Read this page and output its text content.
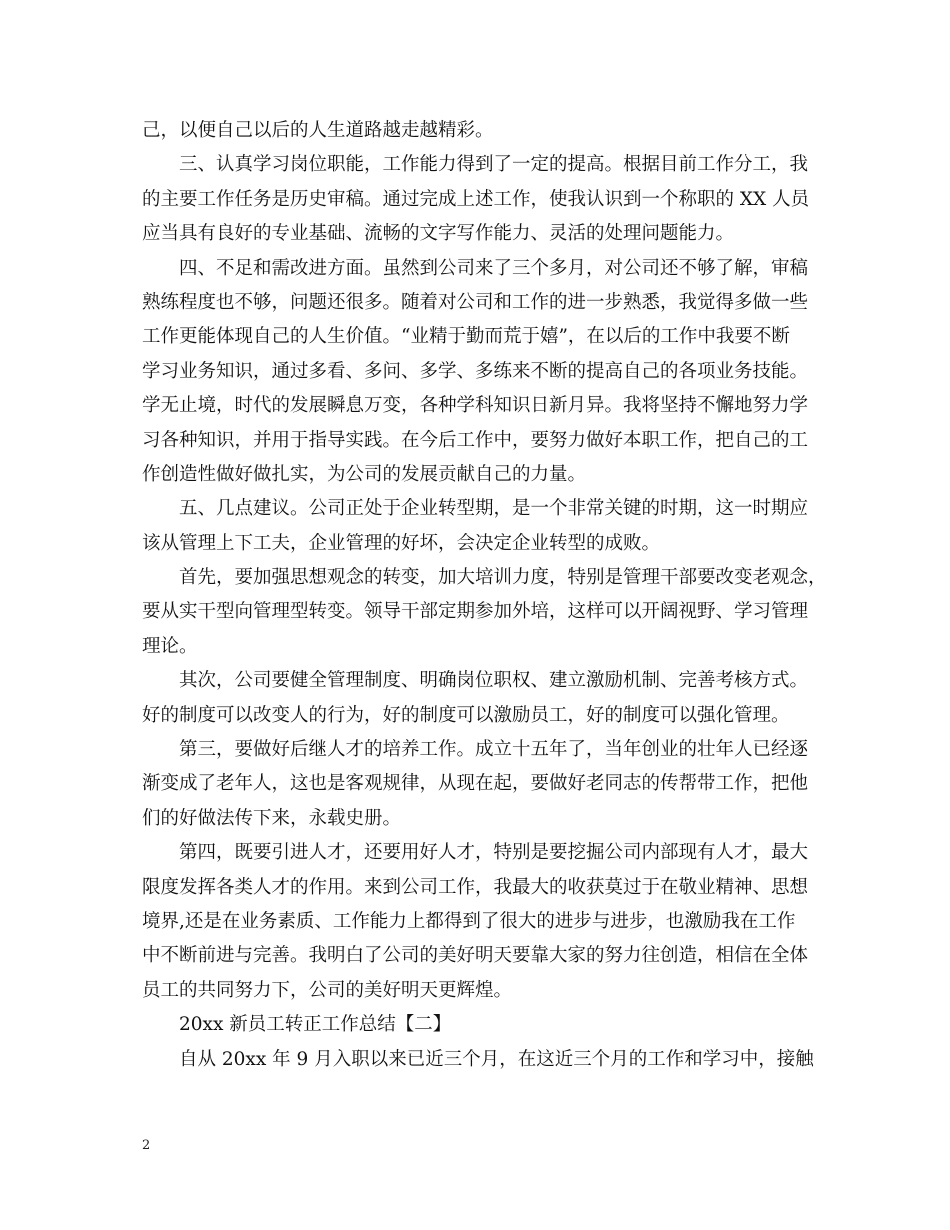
己，以便自己以后的人生道路越走越精彩。
三、认真学习岗位职能，工作能力得到了一定的提高。根据目前工作分工，我
的主要工作任务是历史审稿。通过完成上述工作，使我认识到一个称职的 XX 人员
应当具有良好的专业基础、流畅的文字写作能力、灵活的处理问题能力。
四、不足和需改进方面。虽然到公司来了三个多月，对公司还不够了解，审稿
熟练程度也不够，问题还很多。随着对公司和工作的进一步熟悉，我觉得多做一些
工作更能体现自己的人生价值。“业精于勤而荒于嬉”，在以后的工作中我要不断
学习业务知识，通过多看、多问、多学、多练来不断的提高自己的各项业务技能。
学无止境，时代的发展瞬息万变，各种学科知识日新月异。我将坚持不懈地努力学
习各种知识，并用于指导实践。在今后工作中，要努力做好本职工作，把自己的工
作创造性做好做扎实，为公司的发展贡献自己的力量。
五、几点建议。公司正处于企业转型期，是一个非常关键的时期，这一时期应
该从管理上下工夫，企业管理的好坏，会决定企业转型的成败。
首先，要加强思想观念的转变，加大培训力度，特别是管理干部要改变老观念，
要从实干型向管理型转变。领导干部定期参加外培，这样可以开阔视野、学习管理
理论。
其次，公司要健全管理制度、明确岗位职权、建立激励机制、完善考核方式。
好的制度可以改变人的行为，好的制度可以激励员工，好的制度可以强化管理。
第三，要做好后继人才的培养工作。成立十五年了，当年创业的壮年人已经逐
渐变成了老年人，这也是客观规律，从现在起，要做好老同志的传帮带工作，把他
们的好做法传下来，永载史册。
第四，既要引进人才，还要用好人才，特别是要挖掘公司内部现有人才，最大
限度发挥各类人才的作用。来到公司工作，我最大的收获莫过于在敬业精神、思想
境界,还是在业务素质、工作能力上都得到了很大的进步与进步，也激励我在工作
中不断前进与完善。我明白了公司的美好明天要靠大家的努力往创造，相信在全体
员工的共同努力下，公司的美好明天更辉煌。
20xx 新员工转正工作总结【二】
自从 20xx 年 9 月入职以来已近三个月，在这近三个月的工作和学习中，接触
2
